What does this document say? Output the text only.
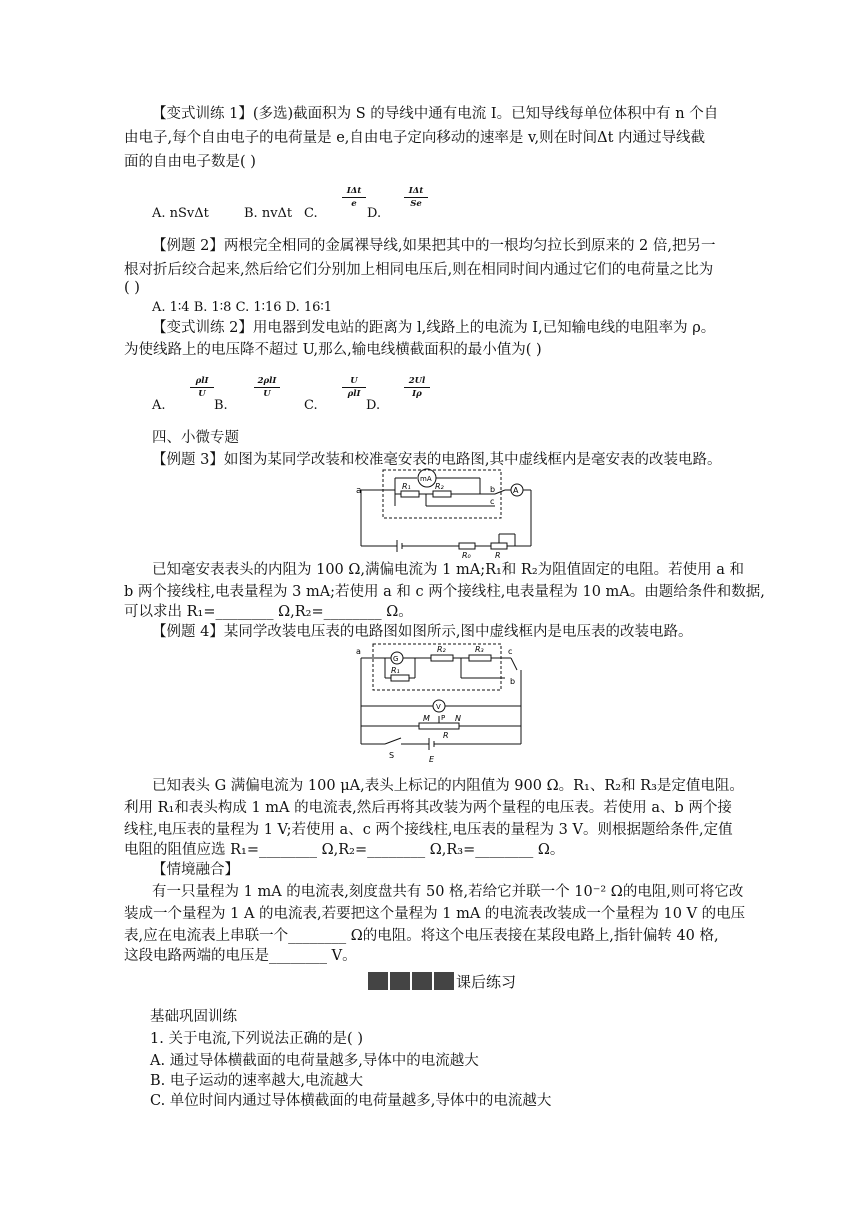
【变式训练 1】(多选)截面积为 S 的导线中通有电流 I。已知导线每单位体积中有 n 个自
由电子,每个自由电子的电荷量是 e,自由电子定向移动的速率是 v,则在时间Δt 内通过导线截
面的自由电子数是( )
A. nSvΔt	B. nvΔt C.
IΔt
e
D.
IΔt
Se
【例题 2】两根完全相同的金属裸导线,如果把其中的一根均匀拉长到原来的 2 倍,把另一
根对折后绞合起来,然后给它们分别加上相同电压后,则在相同时间内通过它们的电荷量之比为
( )
A. 1∶4 B. 1∶8 C. 1∶16 D. 16∶1
【变式训练 2】用电器到发电站的距离为 l,线路上的电流为 I,已知输电线的电阻率为 ρ。
为使线路上的电压降不超过 U,那么,输电线横截面积的最小值为( )
A.
ρlI
U
B.
2ρlI
U
C.
U
ρlI
D.
2Ul
Iρ
四、小微专题
【例题 3】如图为某同学改装和校准毫安表的电路图,其中虚线框内是毫安表的改装电路。
a
mA
R₁	R₂	b
c
A
R₀	R
已知毫安表表头的内阻为 100 Ω,满偏电流为 1 mA;R₁和 R₂为阻值固定的电阻。若使用 a 和
b 两个接线柱,电表量程为 3 mA;若使用 a 和 c 两个接线柱,电表量程为 10 mA。由题给条件和数据,
可以求出 R₁=________ Ω,R₂=________ Ω。
【例题 4】某同学改装电压表的电路图如图所示,图中虚线框内是电压表的改装电路。
a
G
R₁
R₂	R₃	c
b
V
M P N
R
S	E
已知表头 G 满偏电流为 100 μA,表头上标记的内阻值为 900 Ω。R₁、R₂和 R₃是定值电阻。
利用 R₁和表头构成 1 mA 的电流表,然后再将其改装为两个量程的电压表。若使用 a、b 两个接
线柱,电压表的量程为 1 V;若使用 a、c 两个接线柱,电压表的量程为 3 V。则根据题给条件,定值
电阻的阻值应选 R₁=________ Ω,R₂=________ Ω,R₃=________ Ω。
【情境融合】
有一只量程为 1 mA 的电流表,刻度盘共有 50 格,若给它并联一个 10⁻² Ω的电阻,则可将它改
装成一个量程为 1 A 的电流表,若要把这个量程为 1 mA 的电流表改装成一个量程为 10 V 的电压
表,应在电流表上串联一个________ Ω的电阻。将这个电压表接在某段电路上,指针偏转 40 格,
这段电路两端的电压是________ V。
课后练习
基础巩固训练
1. 关于电流,下列说法正确的是( )
A. 通过导体横截面的电荷量越多,导体中的电流越大
B. 电子运动的速率越大,电流越大
C. 单位时间内通过导体横截面的电荷量越多,导体中的电流越大
